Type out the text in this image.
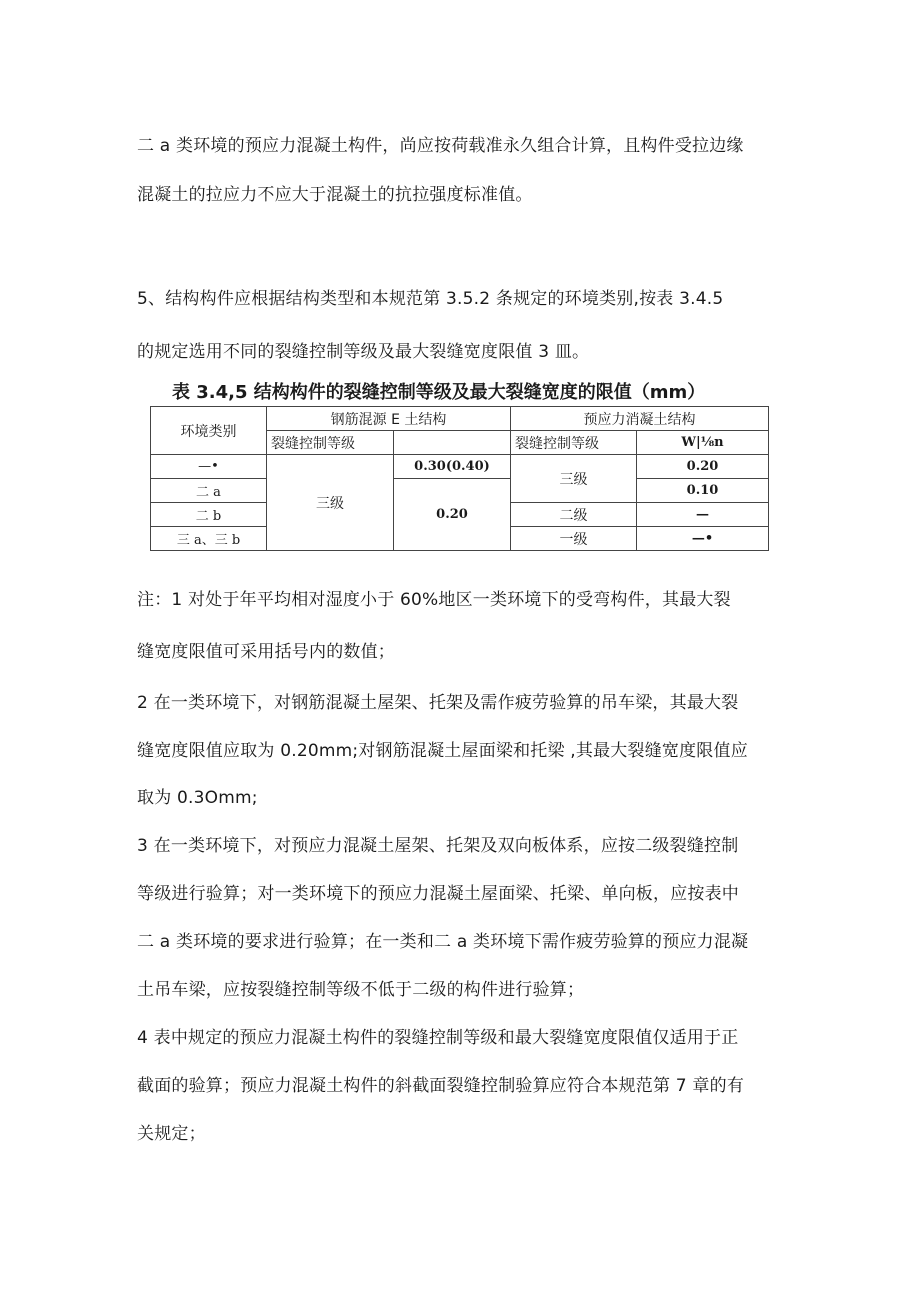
二 a 类环境的预应力混凝土构件，尚应按荷载准永久组合计算，且构件受拉边缘
混凝土的拉应力不应大于混凝土的抗拉强度标准值。
5、结构构件应根据结构类型和本规范第 3.5.2 条规定的环境类别,按表 3.4.5
的规定选用不同的裂缝控制等级及最大裂缝宽度限值 3 皿。
表 3.4,5 结构构件的裂缝控制等级及最大裂缝宽度的限值（mm）
环境类别	钢筋混源 E 土结构		预应力消凝土结构	
	裂缝控制等级		裂缝控制等级	W|⅛n
—•	三级	0.30(0.40)	三级	0.20
二 a		0.20		0.10
二 b			二级	—
三 a、三 b			一级	—•
注：1 对处于年平均相对湿度小于 60%地区一类环境下的受弯构件，其最大裂
缝宽度限值可采用括号内的数值；
2 在一类环境下，对钢筋混凝土屋架、托架及需作疲劳验算的吊车梁，其最大裂
缝宽度限值应取为 0.20mm;对钢筋混凝土屋面梁和托梁 ,其最大裂缝宽度限值应
取为 0.3Omm;
3 在一类环境下，对预应力混凝土屋架、托架及双向板体系，应按二级裂缝控制
等级进行验算；对一类环境下的预应力混凝土屋面梁、托梁、单向板，应按表中
二 a 类环境的要求进行验算；在一类和二 a 类环境下需作疲劳验算的预应力混凝
土吊车梁，应按裂缝控制等级不低于二级的构件进行验算；
4 表中规定的预应力混凝土构件的裂缝控制等级和最大裂缝宽度限值仅适用于正
截面的验算；预应力混凝土构件的斜截面裂缝控制验算应符合本规范第 7 章的有
关规定；
